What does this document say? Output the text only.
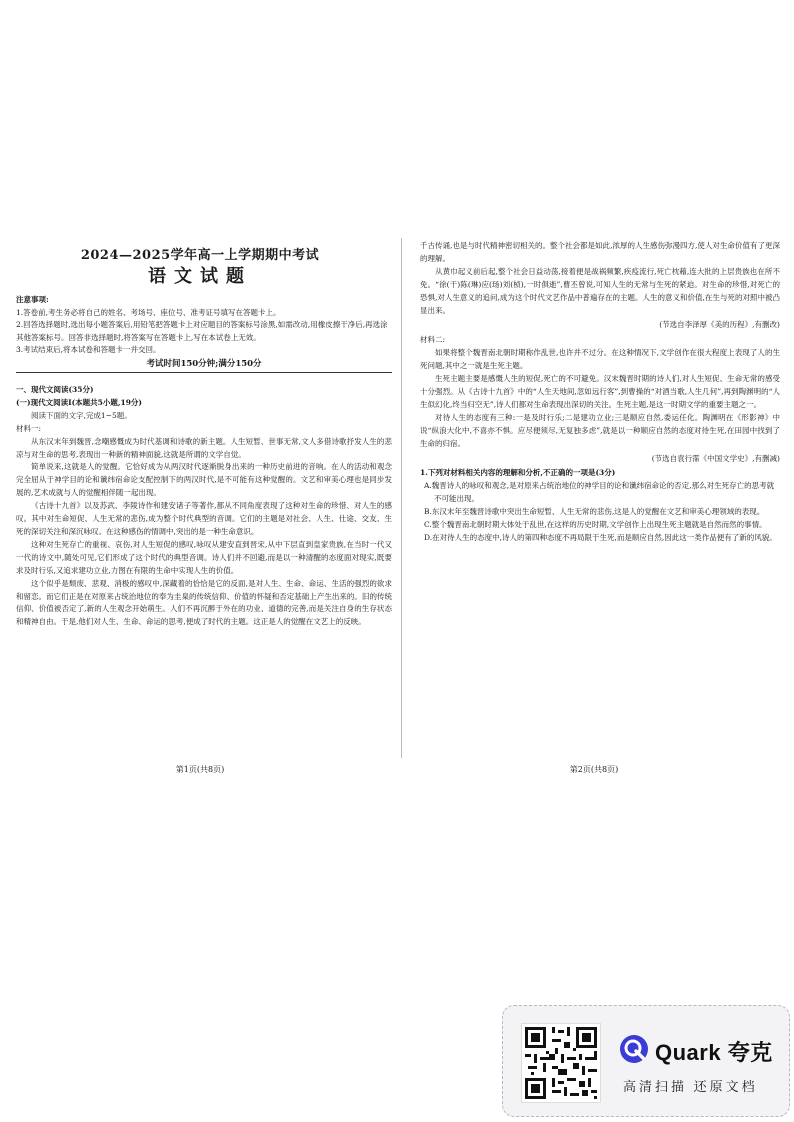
2024—2025学年高一上学期期中考试
语文试题
注意事项:
1.答卷前,考生务必将自己的姓名、考场号、座位号、准考证号填写在答题卡上。
2.回答选择题时,选出每小题答案后,用铅笔把答题卡上对应题目的答案标号涂黑,如需改动,用橡皮擦干净后,再选涂其他答案标号。回答非选择题时,将答案写在答题卡上,写在本试卷上无效。
3.考试结束后,将本试卷和答题卡一并交回。
考试时间150分钟;满分150分
一、现代文阅读(35分)
(一)现代文阅读Ⅰ(本题共5小题,19分)

阅读下面的文字,完成1~5题。

材料一:

从东汉末年到魏晋,念嘲感慨成为时代基调和诗歌的新主题。人生短暂、世事无常,文人多借诗歌抒发人生的悲凉与对生命的思考,表现出一种新的精神面貌,这就是所谓的文学自觉。

简单说来,这就是人的觉醒。它恰好成为从两汉时代逐渐脱身出来的一种历史前进的音响。在人的活动和观念完全屈从于神学目的论和谶纬宿命论支配控制下的两汉时代,是不可能有这种觉醒的。文艺和审美心理也是同步发展的,艺术成就与人的觉醒相伴随一起出现。

《古诗十九首》以及苏武、李陵诗作和建安诸子等著作,都从不同角度表现了这种对生命的珍惜、对人生的感叹。其中对生命短促、人生无常的悲伤,成为整个时代典型的音调。它们的主题是对社会、人生、仕途、交友、生死的深切关注和深沉咏叹。在这种感伤的情调中,突出的是一种生命意识。

这种对生死存亡的重视、哀伤,对人生短促的感叹,咏叹从建安直到晋宋,从中下层直到皇家贵族,在当时一代又一代的诗文中,随处可见,它们形成了这个时代的典型音调。诗人们并不回避,而是以一种清醒的态度面对现实,既要求及时行乐,又追求建功立业,力图在有限的生命中实现人生的价值。

这个似乎是颓废、悲观、消极的感叹中,深藏着的恰恰是它的反面,是对人生、生命、命运、生活的强烈的欲求和留恋。而它们正是在对原来占统治地位的奉为圭臬的传统信仰、价值的怀疑和否定基础上产生出来的。旧的传统信仰、价值被否定了,新的人生观念开始萌生。人们不再沉醉于外在的功业、道德的完善,而是关注自身的生存状态和精神自由。于是,他们对人生、生命、命运的思考,便成了时代的主题。这正是人的觉醒在文艺上的反映。

第1页(共8页)

千古传诵,也是与时代精神密切相关的。整个社会都是如此,浓厚的人生感伤弥漫四方,使人对生命价值有了更深的理解。

从黄巾起义前后起,整个社会日益动荡,接着便是战祸频繁,疾疫流行,死亡枕藉,连大批的上层贵族也在所不免。“徐(干)陈(琳)应(玚)刘(桢),一时俱逝”,曹丕曾说,可知人生的无常与生死的紧迫。对生命的珍惜,对死亡的恐惧,对人生意义的追问,成为这个时代文艺作品中普遍存在的主题。人生的意义和价值,在生与死的对照中被凸显出来。

(节选自李泽厚《美的历程》,有删改)
材料二:

如果将整个魏晋南北朝时期称作乱世,也许并不过分。在这种情况下,文学创作在很大程度上表现了人的生死问题,其中之一就是生死主题。

生死主题主要是感慨人生的短促,死亡的不可避免。汉末魏晋时期的诗人们,对人生短促、生命无常的感受十分强烈。从《古诗十九首》中的“人生天地间,忽如远行客”,到曹操的“对酒当歌,人生几何”,再到陶渊明的“人生似幻化,终当归空无”,诗人们都对生命表现出深切的关注。生死主题,是这一时期文学的重要主题之一。

对待人生的态度有三种:一是及时行乐;二是建功立业;三是顺应自然,委运任化。陶渊明在《形影神》中说“纵浪大化中,不喜亦不惧。应尽便须尽,无复独多虑”,就是以一种顺应自然的态度对待生死,在田园中找到了生命的归宿。

(节选自袁行霈《中国文学史》,有删减)

1.下列对材料相关内容的理解和分析,不正确的一项是(3分)

A.魏晋诗人的咏叹和观念,是对原来占统治地位的神学目的论和谶纬宿命论的否定,那么对生死存亡的思考就不可能出现。

B.东汉末年至魏晋诗歌中突出生命短暂、人生无常的悲伤,这是人的觉醒在文艺和审美心理领域的表现。

C.整个魏晋南北朝时期大体处于乱世,在这样的历史时期,文学创作上出现生死主题就是自然而然的事情。

D.在对待人生的态度中,诗人的第四种态度不再局限于生死,而是顺应自然,因此这一类作品便有了新的风貌。

第2页(共8页)
Quark 夸克
高清扫描 还原文档
